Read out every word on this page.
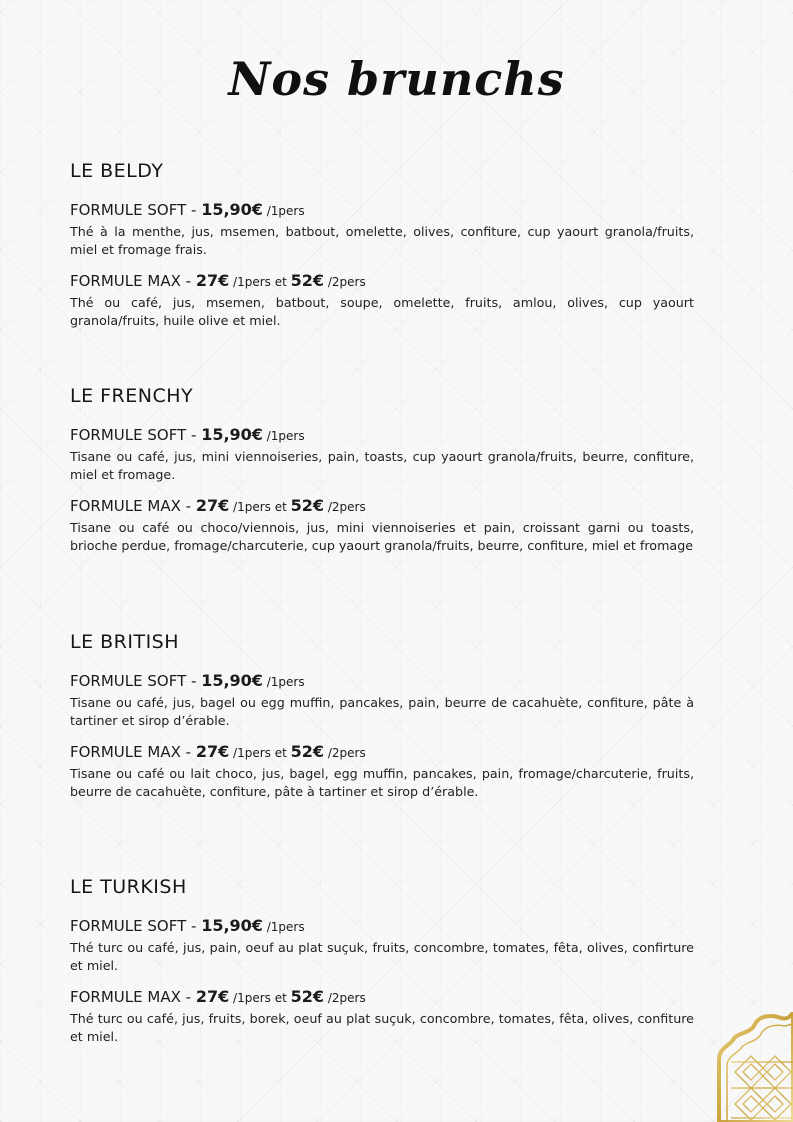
Nos brunchs
LE BELDY
FORMULE SOFT - 15,90€ /1pers

Thé à la menthe, jus, msemen, batbout, omelette, olives, confiture, cup yaourt granola/fruits, miel et fromage frais.

FORMULE MAX - 27€ /1pers et 52€ /2pers

Thé ou café, jus, msemen, batbout, soupe, omelette, fruits, amlou, olives, cup yaourt granola/fruits, huile olive et miel.

LE FRENCHY
FORMULE SOFT - 15,90€ /1pers

Tisane ou café, jus, mini viennoiseries, pain, toasts, cup yaourt granola/fruits, beurre, confiture, miel et fromage.

FORMULE MAX - 27€ /1pers et 52€ /2pers

Tisane ou café ou choco/viennois, jus, mini viennoiseries et pain, croissant garni ou toasts, brioche perdue, fromage/charcuterie, cup yaourt granola/fruits, beurre, confiture, miel et fromage

LE BRITISH
FORMULE SOFT - 15,90€ /1pers

Tisane ou café, jus, bagel ou egg muffin, pancakes, pain, beurre de cacahuète, confiture, pâte à tartiner et sirop d’érable.

FORMULE MAX - 27€ /1pers et 52€ /2pers

Tisane ou café ou lait choco, jus, bagel, egg muffin, pancakes, pain, fromage/charcuterie, fruits, beurre de cacahuète, confiture, pâte à tartiner et sirop d’érable.

LE TURKISH
FORMULE SOFT - 15,90€ /1pers

Thé turc ou café, jus, pain, oeuf au plat suçuk, fruits, concombre, tomates, fêta, olives, confirture et miel.

FORMULE MAX - 27€ /1pers et 52€ /2pers

Thé turc ou café, jus, fruits, borek, oeuf au plat suçuk, concombre, tomates, fêta, olives, confiture et miel.
